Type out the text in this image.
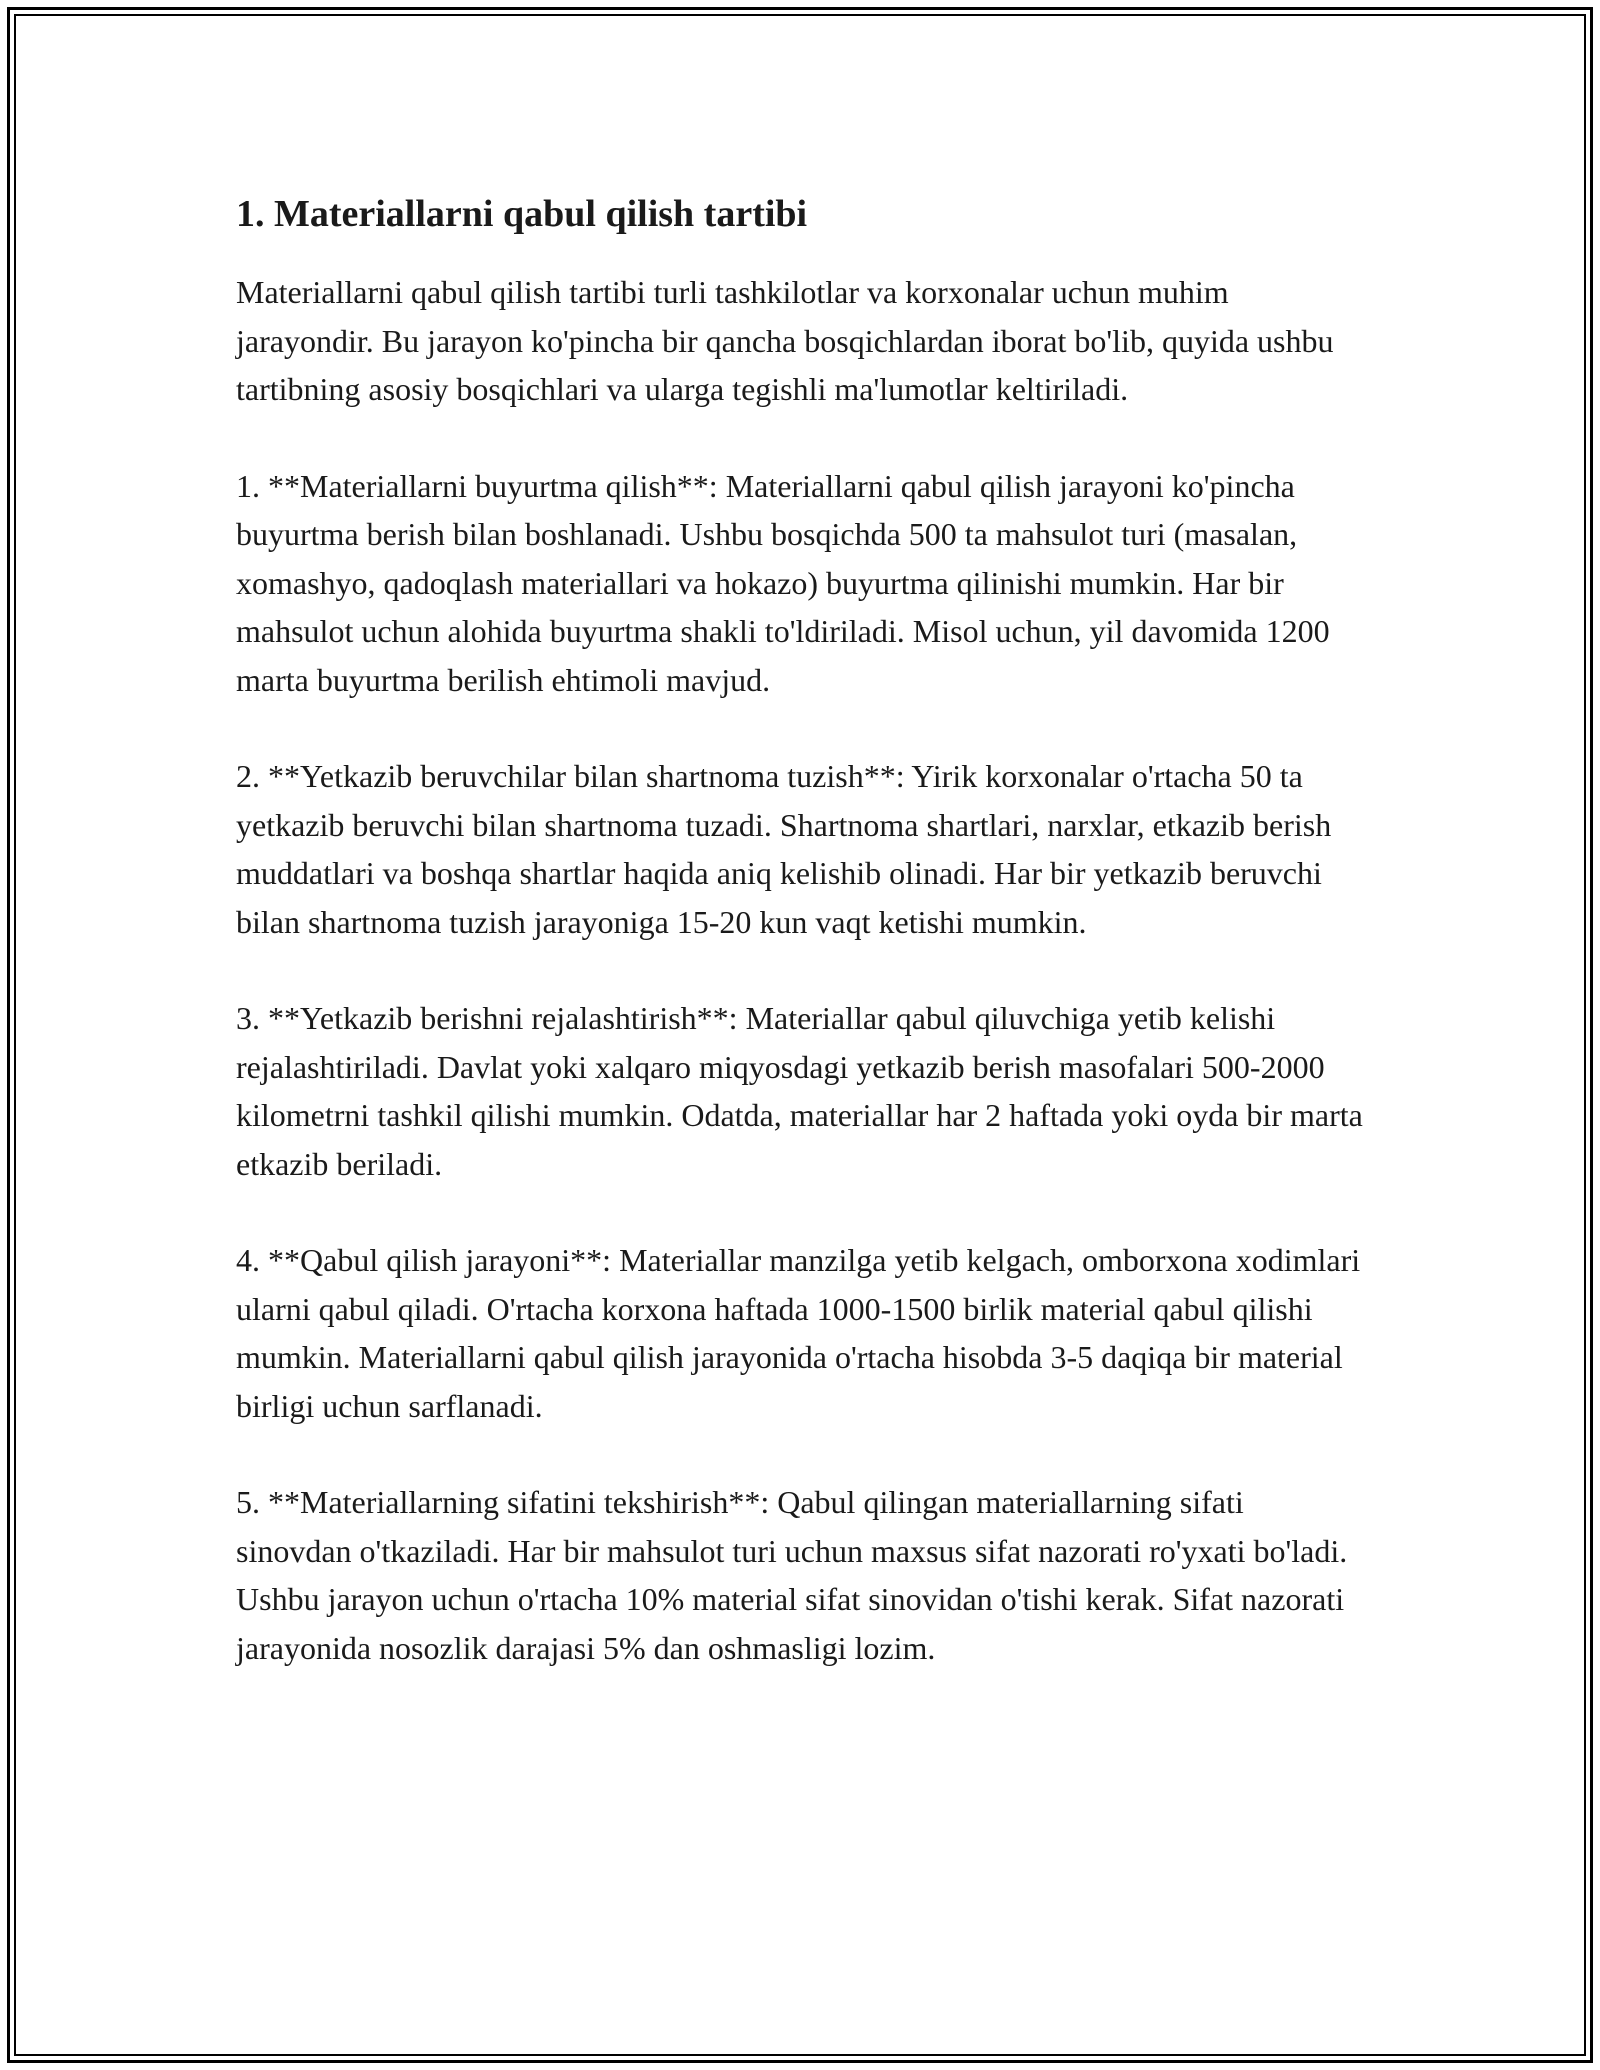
1. Materiallarni qabul qilish tartibi

Materiallarni qabul qilish tartibi turli tashkilotlar va korxonalar uchun muhim jarayondir. Bu jarayon ko'pincha bir qancha bosqichlardan iborat bo'lib, quyida ushbu tartibning asosiy bosqichlari va ularga tegishli ma'lumotlar keltiriladi.

1. **Materiallarni buyurtma qilish**: Materiallarni qabul qilish jarayoni ko'pincha buyurtma berish bilan boshlanadi. Ushbu bosqichda 500 ta mahsulot turi (masalan, xomashyo, qadoqlash materiallari va hokazo) buyurtma qilinishi mumkin. Har bir mahsulot uchun alohida buyurtma shakli to'ldiriladi. Misol uchun, yil davomida 1200 marta buyurtma berilish ehtimoli mavjud.

2. **Yetkazib beruvchilar bilan shartnoma tuzish**: Yirik korxonalar o'rtacha 50 ta yetkazib beruvchi bilan shartnoma tuzadi. Shartnoma shartlari, narxlar, etkazib berish muddatlari va boshqa shartlar haqida aniq kelishib olinadi. Har bir yetkazib beruvchi bilan shartnoma tuzish jarayoniga 15-20 kun vaqt ketishi mumkin.

3. **Yetkazib berishni rejalashtirish**: Materiallar qabul qiluvchiga yetib kelishi rejalashtiriladi. Davlat yoki xalqaro miqyosdagi yetkazib berish masofalari 500-2000 kilometrni tashkil qilishi mumkin. Odatda, materiallar har 2 haftada yoki oyda bir marta etkazib beriladi.

4. **Qabul qilish jarayoni**: Materiallar manzilga yetib kelgach, omborxona xodimlari ularni qabul qiladi. O'rtacha korxona haftada 1000-1500 birlik material qabul qilishi mumkin. Materiallarni qabul qilish jarayonida o'rtacha hisobda 3-5 daqiqa bir material birligi uchun sarflanadi.

5. **Materiallarning sifatini tekshirish**: Qabul qilingan materiallarning sifati sinovdan o'tkaziladi. Har bir mahsulot turi uchun maxsus sifat nazorati ro'yxati bo'ladi. Ushbu jarayon uchun o'rtacha 10% material sifat sinovidan o'tishi kerak. Sifat nazorati jarayonida nosozlik darajasi 5% dan oshmasligi lozim.
